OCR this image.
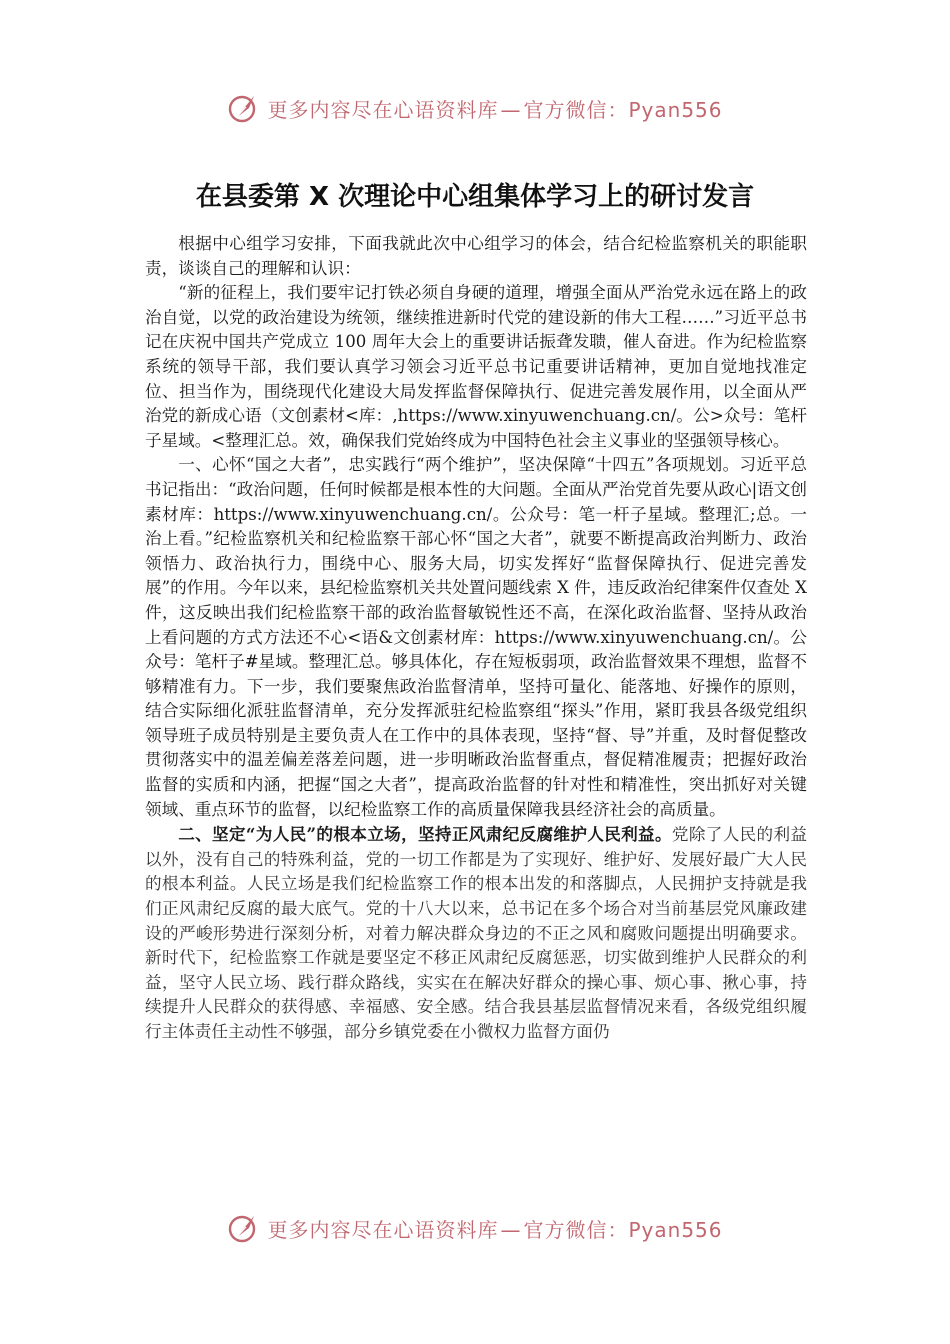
更多内容尽在心语资料库 — 官方微信：Pyan556
在县委第 X 次理论中心组集体学习上的研讨发言

根据中心组学习安排，下面我就此次中心组学习的体会，结合纪检监察机关的职能职责，谈谈自己的理解和认识：

“新的征程上，我们要牢记打铁必须自身硬的道理，增强全面从严治党永远在路上的政治自觉，以党的政治建设为统领，继续推进新时代党的建设新的伟大工程……”习近平总书记在庆祝中国共产党成立 100 周年大会上的重要讲话振聋发聩，催人奋进。作为纪检监察系统的领导干部，我们要认真学习领会习近平总书记重要讲话精神，更加自觉地找准定位、担当作为，围绕现代化建设大局发挥监督保障执行、促进完善发展作用，以全面从严治党的新成心语（文创素材<库：,https://www.xinyuwenchuang.cn/。公>众号：笔杆子星域。<整理汇总。效，确保我们党始终成为中国特色社会主义事业的坚强领导核心。

一、心怀“国之大者”，忠实践行“两个维护”，坚决保障“十四五”各项规划。习近平总书记指出：“政治问题，任何时候都是根本性的大问题。全面从严治党首先要从政心|语文创素材库：https://www.xinyuwenchuang.cn/。公众号：笔一杆子星域。整理汇;总。一治上看。”纪检监察机关和纪检监察干部心怀“国之大者”，就要不断提高政治判断力、政治领悟力、政治执行力，围绕中心、服务大局，切实发挥好“监督保障执行、促进完善发展”的作用。今年以来，县纪检监察机关共处置问题线索 X 件，违反政治纪律案件仅查处 X 件，这反映出我们纪检监察干部的政治监督敏锐性还不高，在深化政治监督、坚持从政治上看问题的方式方法还不心<语&文创素材库：https://www.xinyuwenchuang.cn/。公众号：笔杆子#星域。整理汇总。够具体化，存在短板弱项，政治监督效果不理想，监督不够精准有力。下一步，我们要聚焦政治监督清单，坚持可量化、能落地、好操作的原则，结合实际细化派驻监督清单，充分发挥派驻纪检监察组“探头”作用，紧盯我县各级党组织领导班子成员特别是主要负责人在工作中的具体表现，坚持“督、导”并重，及时督促整改贯彻落实中的温差偏差落差问题，进一步明晰政治监督重点，督促精准履责；把握好政治监督的实质和内涵，把握“国之大者”，提高政治监督的针对性和精准性，突出抓好对关键领域、重点环节的监督，以纪检监察工作的高质量保障我县经济社会的高质量。

二、坚定“为人民”的根本立场，坚持正风肃纪反腐维护人民利益。党除了人民的利益以外，没有自己的特殊利益，党的一切工作都是为了实现好、维护好、发展好最广大人民的根本利益。人民立场是我们纪检监察工作的根本出发的和落脚点，人民拥护支持就是我们正风肃纪反腐的最大底气。党的十八大以来，总书记在多个场合对当前基层党风廉政建设的严峻形势进行深刻分析，对着力解决群众身边的不正之风和腐败问题提出明确要求。新时代下，纪检监察工作就是要坚定不移正风肃纪反腐惩恶，切实做到维护人民群众的利益，坚守人民立场、践行群众路线，实实在在解决好群众的操心事、烦心事、揪心事，持续提升人民群众的获得感、幸福感、安全感。结合我县基层监督情况来看，各级党组织履行主体责任主动性不够强，部分乡镇党委在小微权力监督方面仍

更多内容尽在心语资料库 — 官方微信：Pyan556
